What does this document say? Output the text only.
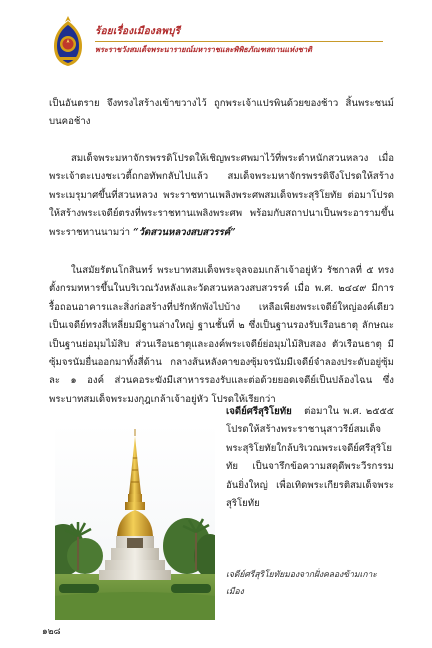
ร้อยเรื่องเมืองลพบุรี
พระราชวังสมเด็จพระนารายณ์มหาราชและพิพิธภัณฑสถานแห่งชาติ

เป็นอันตราย จึงทรงไสร้างเข้าขวางไว้ ถูกพระเจ้าแปรพินด้วยของช้าว สิ้นพระชนม์บนคอช้าง

สมเด็จพระมหาจักรพรรดิโปรดให้เชิญพระศพมาไว้ที่พระตำหนักสวนหลวง เมื่อพระเจ้าตะเบงชะเวตี้ถกอทัพกลับไปแล้ว สมเด็จพระมหาจักรพรรดิจึงโปรดให้สร้างพระเมรุมาศขึ้นที่สวนหลวง พระราชทานเพลิงพระศพสมเด็จพระสุริโยทัย ต่อมาโปรดให้สร้างพระเจดีย์ตรงที่พระราชทานเพลิงพระศพ พร้อมกับสถาปนาเป็นพระอารามขึ้น พระราชทานนามว่า “วัดสวนหลวงสบสวรรค์”

ในสมัยรัตนโกสินทร์ พระบาทสมเด็จพระจุลจอมเกล้าเจ้าอยู่หัว รัชกาลที่ ๕ ทรงตั้งกรมทหารขึ้นในบริเวณวังหลังและวัดสวนหลวงสบสวรรค์ เมื่อ พ.ศ. ๒๔๔๙ มีการรื้อถอนอาคารและสิ่งก่อสร้างที่ปรักหักพังไปบ้าง เหลือเพียงพระเจดีย์ใหญ่องค์เดียว เป็นเจดีย์ทรงสี่เหลี่ยมมีฐานล่างใหญ่ ฐานชั้นที่ ๒ ซึ่งเป็นฐานรองรับเรือนธาตุ ลักษณะเป็นฐานย่อมุมไม้สิบ ส่วนเรือนธาตุและองค์พระเจดีย์ย่อมุมไม้สิบสอง ตัวเรือนธาตุ มีซุ้มจรนัมยื่นออกมาทั้งสี่ด้าน กลางส้นหลังคาของซุ้มจรนัมมีเจดีย์จำลองประดับอยู่ซุ้มละ ๑ องค์ ส่วนคอระฆังมีเสาหารรองรับและต่อด้วยยอดเจดีย์เป็นปล้องไฉน ซึ่งพระบาทสมเด็จพระมงกุฎเกล้าเจ้าอยู่หัว โปรดให้เรียกว่า

เจดีย์ศรีสุริโยทัย ต่อมาใน พ.ศ. ๒๕๕๕ โปรดให้สร้างพระราชานุสาวรีย์สมเด็จพระสุริโยทัยใกล้บริเวณพระเจดีย์ศรีสุริโยทัย เป็นจารึกข้อความสดุดีพระวีรกรรมอันยิ่งใหญ่ เพื่อเทิดพระเกียรติสมเด็จพระสุริโยทัย

เจดีย์ศรีสุริโยทัยมองจากฝั่งคลองข้ามเกาะเมือง
๑๒๘
